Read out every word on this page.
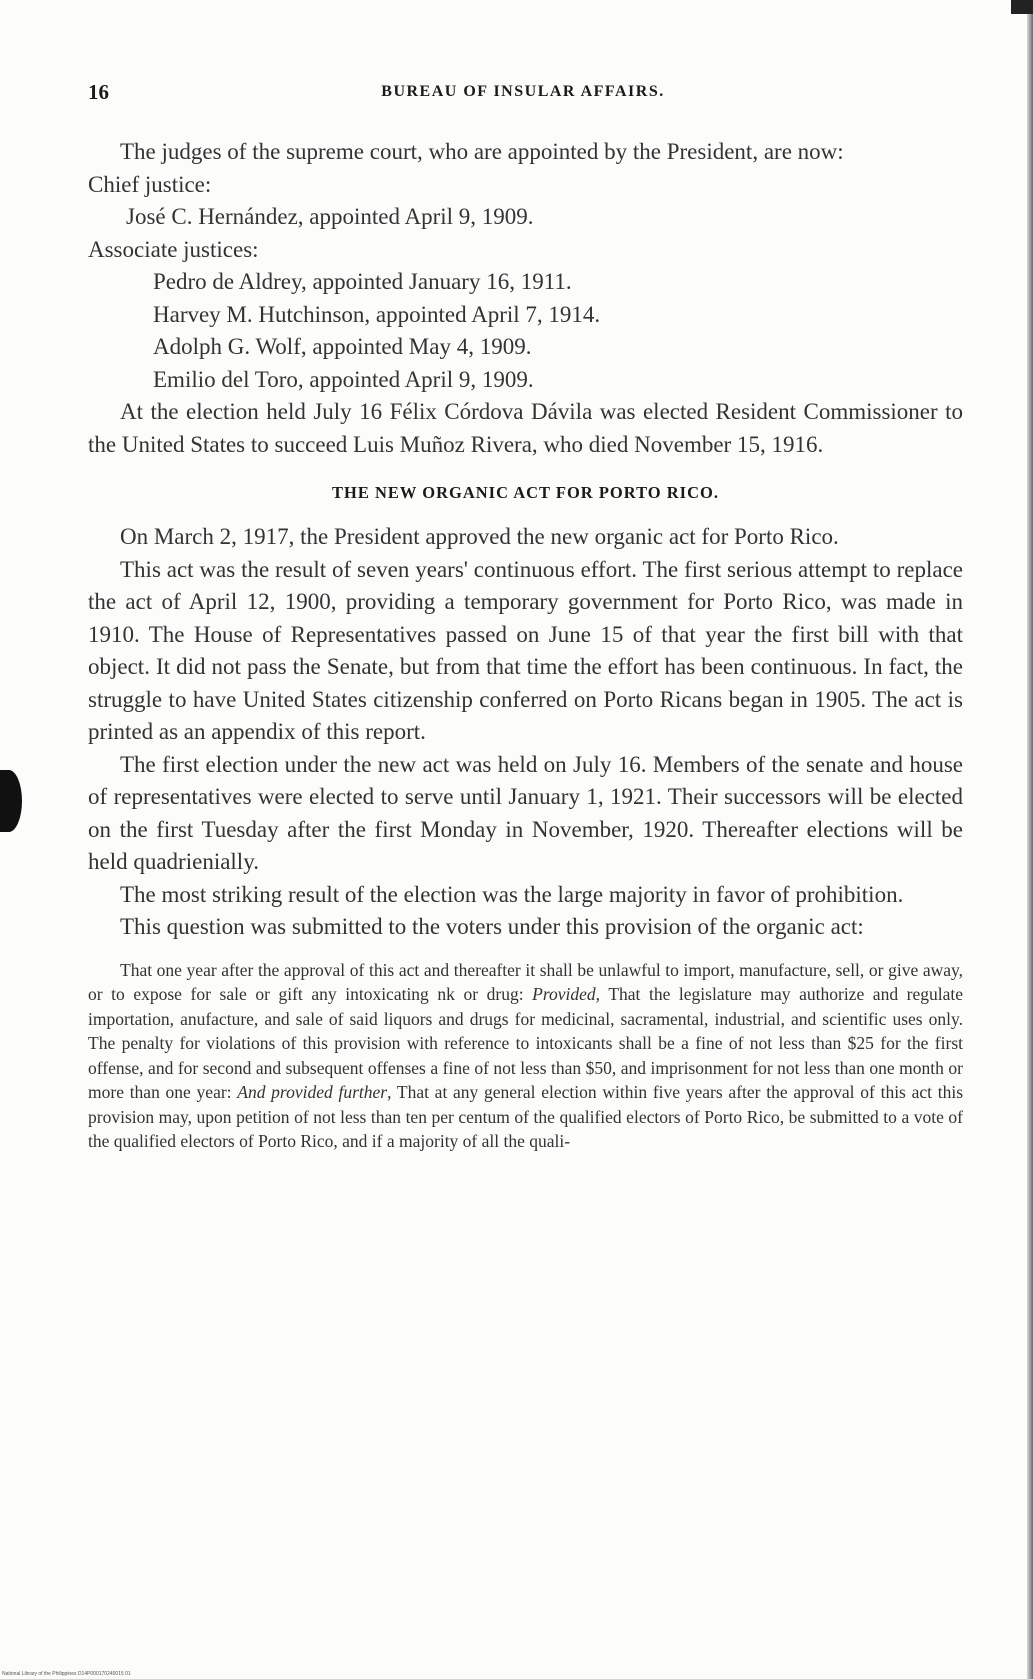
16	BUREAU OF INSULAR AFFAIRS.

The judges of the supreme court, who are appointed by the President, are now:

Chief justice:

José C. Hernández, appointed April 9, 1909.

Associate justices:

Pedro de Aldrey, appointed January 16, 1911.

Harvey M. Hutchinson, appointed April 7, 1914.

Adolph G. Wolf, appointed May 4, 1909.

Emilio del Toro, appointed April 9, 1909.

At the election held July 16 Félix Córdova Dávila was elected Resident Commissioner to the United States to succeed Luis Muñoz Rivera, who died November 15, 1916.

THE NEW ORGANIC ACT FOR PORTO RICO.

On March 2, 1917, the President approved the new organic act for Porto Rico.

This act was the result of seven years' continuous effort. The first serious attempt to replace the act of April 12, 1900, providing a temporary government for Porto Rico, was made in 1910. The House of Representatives passed on June 15 of that year the first bill with that object. It did not pass the Senate, but from that time the effort has been continuous. In fact, the struggle to have United States citizenship conferred on Porto Ricans began in 1905. The act is printed as an appendix of this report.

The first election under the new act was held on July 16. Members of the senate and house of representatives were elected to serve until January 1, 1921. Their successors will be elected on the first Tuesday after the first Monday in November, 1920. Thereafter elections will be held quadrienially.

The most striking result of the election was the large majority in favor of prohibition.

This question was submitted to the voters under this provision of the organic act:

That one year after the approval of this act and thereafter it shall be unlawful to import, manufacture, sell, or give away, or to expose for sale or gift any intoxicating nk or drug: Provided, That the legislature may authorize and regulate importation, anufacture, and sale of said liquors and drugs for medicinal, sacramental, industrial, and scientific uses only. The penalty for violations of this provision with reference to intoxicants shall be a fine of not less than $25 for the first offense, and for second and subsequent offenses a fine of not less than $50, and imprisonment for not less than one month or more than one year: And provided further, That at any general election within five years after the approval of this act this provision may, upon petition of not less than ten per centum of the qualified electors of Porto Rico, be submitted to a vote of the qualified electors of Porto Rico, and if a majority of all the quali-

National Library of the Philippines D14P000170240015 01
